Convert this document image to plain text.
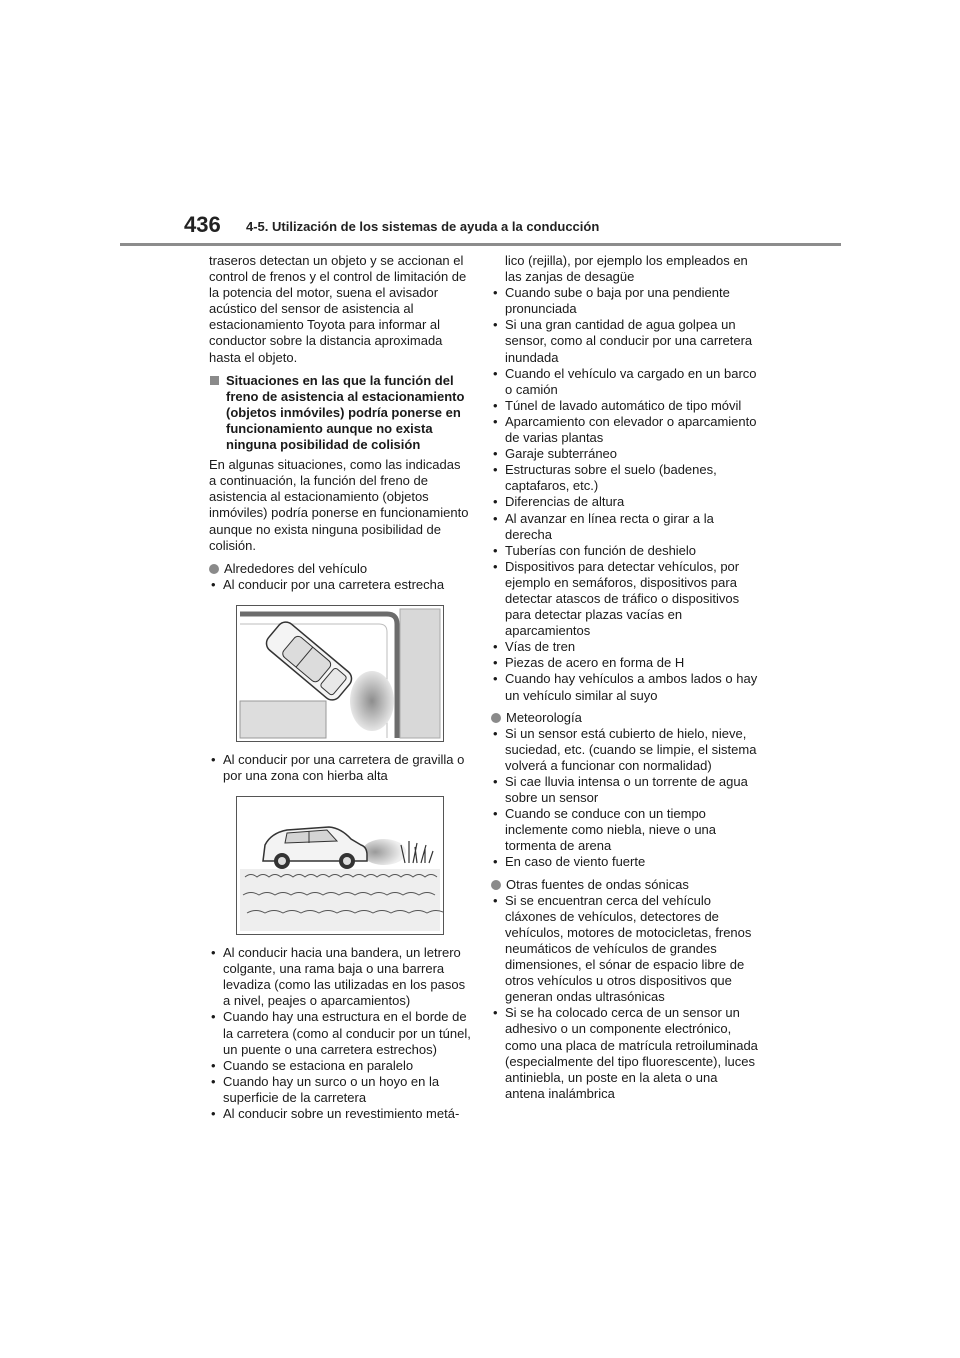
436 4-5. Utilización de los sistemas de ayuda a la conducción

traseros detectan un objeto y se accionan el control de frenos y el control de limitación de la potencia del motor, suena el avisador acústico del sensor de asistencia al estacionamiento Toyota para informar al conductor sobre la distancia aproximada hasta el objeto.

Situaciones en las que la función del freno de asistencia al estacionamiento (objetos inmóviles) podría ponerse en funcionamiento aunque no exista ninguna posibilidad de colisión

En algunas situaciones, como las indicadas a continuación, la función del freno de asistencia al estacionamiento (objetos inmóviles) podría ponerse en funcionamiento aunque no exista ninguna posibilidad de colisión.

Alrededores del vehículo
• Al conducir por una carretera estrecha
• Al conducir por una carretera de gravilla o por una zona con hierba alta
• Al conducir hacia una bandera, un letrero colgante, una rama baja o una barrera levadiza (como las utilizadas en los pasos a nivel, peajes o aparcamientos)
• Cuando hay una estructura en el borde de la carretera (como al conducir por un túnel, un puente o una carretera estrechos)
• Cuando se estaciona en paralelo
• Cuando hay un surco o un hoyo en la superficie de la carretera
• Al conducir sobre un revestimiento metá-
lico (rejilla), por ejemplo los empleados en las zanjas de desagüe
• Cuando sube o baja por una pendiente pronunciada
• Si una gran cantidad de agua golpea un sensor, como al conducir por una carretera inundada
• Cuando el vehículo va cargado en un barco o camión
• Túnel de lavado automático de tipo móvil
• Aparcamiento con elevador o aparcamiento de varias plantas
• Garaje subterráneo
• Estructuras sobre el suelo (badenes, captafaros, etc.)
• Diferencias de altura
• Al avanzar en línea recta o girar a la derecha
• Tuberías con función de deshielo
• Dispositivos para detectar vehículos, por ejemplo en semáforos, dispositivos para detectar atascos de tráfico o dispositivos para detectar plazas vacías en aparcamientos
• Vías de tren
• Piezas de acero en forma de H
• Cuando hay vehículos a ambos lados o hay un vehículo similar al suyo
Meteorología
• Si un sensor está cubierto de hielo, nieve, suciedad, etc. (cuando se limpie, el sistema volverá a funcionar con normalidad)
• Si cae lluvia intensa o un torrente de agua sobre un sensor
• Cuando se conduce con un tiempo inclemente como niebla, nieve o una tormenta de arena
• En caso de viento fuerte
Otras fuentes de ondas sónicas
• Si se encuentran cerca del vehículo cláxones de vehículos, detectores de vehículos, motores de motocicletas, frenos neumáticos de vehículos de grandes dimensiones, el sónar de espacio libre de otros vehículos u otros dispositivos que generan ondas ultrasónicas
• Si se ha colocado cerca de un sensor un adhesivo o un componente electrónico, como una placa de matrícula retroiluminada (especialmente del tipo fluorescente), luces antiniebla, un poste en la aleta o una antena inalámbrica
